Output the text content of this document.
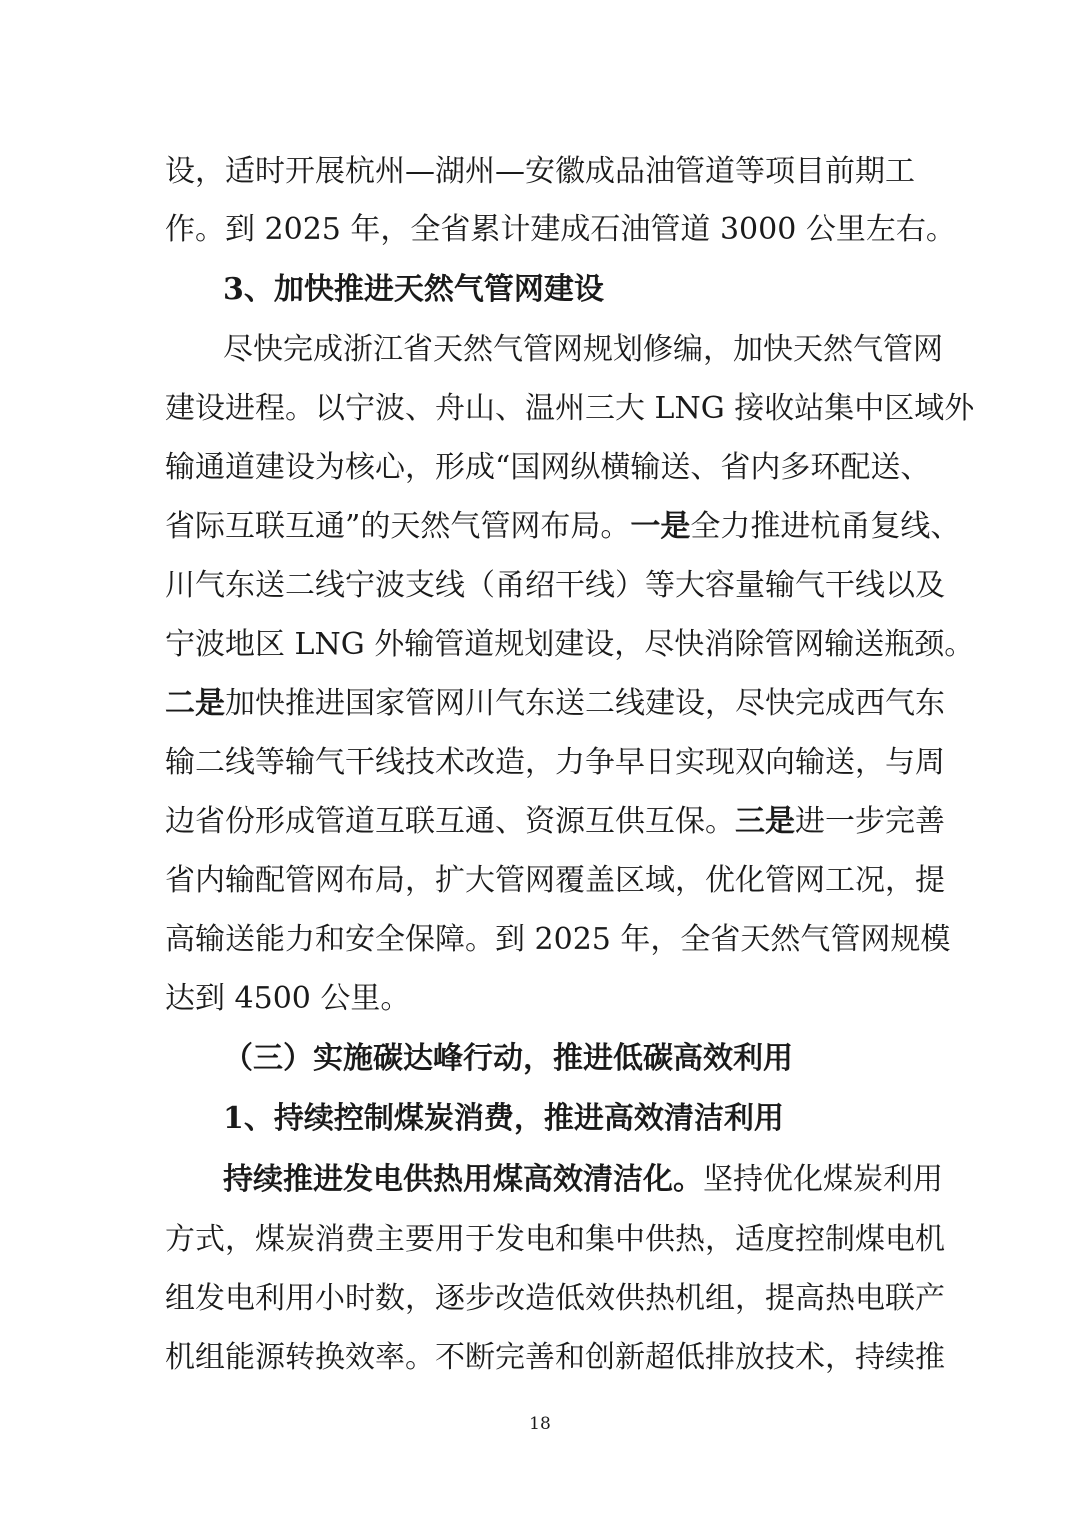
设，适时开展杭州—湖州—安徽成品油管道等项目前期工
作。到 2025 年，全省累计建成石油管道 3000 公里左右。
3、加快推进天然气管网建设
尽快完成浙江省天然气管网规划修编，加快天然气管网
建设进程。以宁波、舟山、温州三大 LNG 接收站集中区域外
输通道建设为核心，形成“国网纵横输送、省内多环配送、
省际互联互通”的天然气管网布局。一是全力推进杭甬复线、
川气东送二线宁波支线（甬绍干线）等大容量输气干线以及
宁波地区 LNG 外输管道规划建设，尽快消除管网输送瓶颈。
二是加快推进国家管网川气东送二线建设，尽快完成西气东
输二线等输气干线技术改造，力争早日实现双向输送，与周
边省份形成管道互联互通、资源互供互保。三是进一步完善
省内输配管网布局，扩大管网覆盖区域，优化管网工况，提
高输送能力和安全保障。到 2025 年，全省天然气管网规模
达到 4500 公里。
（三）实施碳达峰行动，推进低碳高效利用
1、持续控制煤炭消费，推进高效清洁利用
持续推进发电供热用煤高效清洁化。坚持优化煤炭利用
方式，煤炭消费主要用于发电和集中供热，适度控制煤电机
组发电利用小时数，逐步改造低效供热机组，提高热电联产
机组能源转换效率。不断完善和创新超低排放技术，持续推
18
